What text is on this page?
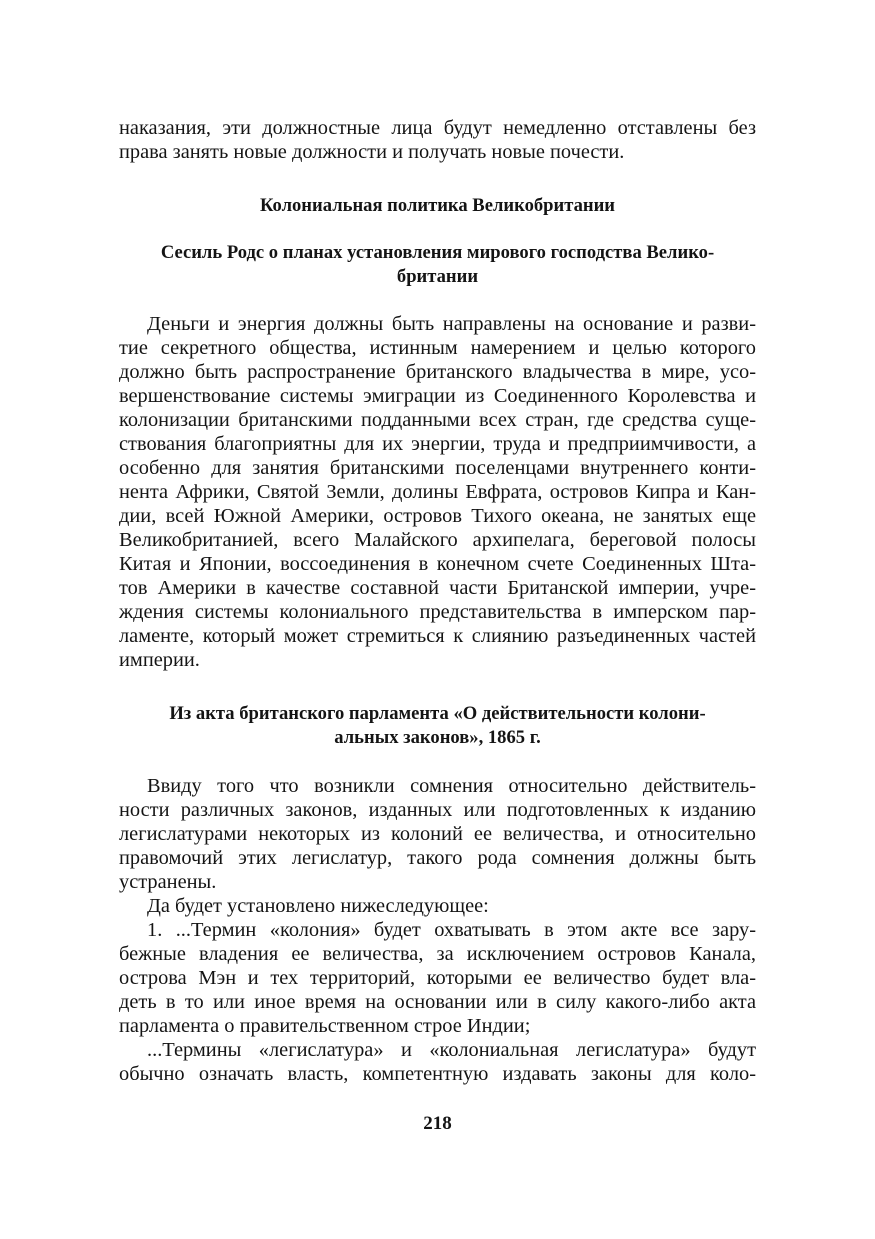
наказания, эти должностные лица будут немедленно отставлены без
права занять новые должности и получать новые почести.

Колониальная политика Великобритании
Сесиль Родс о планах установления мирового господства Велико-
британии

Деньги и энергия должны быть направлены на основание и разви-
тие секретного общества, истинным намерением и целью которого
должно быть распространение британского владычества в мире, усо-
вершенствование системы эмиграции из Соединенного Королевства и
колонизации британскими подданными всех стран, где средства суще-
ствования благоприятны для их энергии, труда и предприимчивости, а
особенно для занятия британскими поселенцами внутреннего конти-
нента Африки, Святой Земли, долины Евфрата, островов Кипра и Кан-
дии, всей Южной Америки, островов Тихого океана, не занятых еще
Великобританией, всего Малайского архипелага, береговой полосы
Китая и Японии, воссоединения в конечном счете Соединенных Шта-
тов Америки в качестве составной части Британской империи, учре-
ждения системы колониального представительства в имперском пар-
ламенте, который может стремиться к слиянию разъединенных частей
империи.

Из акта британского парламента «О действительности колони-
альных законов», 1865 г.

Ввиду того что возникли сомнения относительно действитель-
ности различных законов, изданных или подготовленных к изданию
легислатурами некоторых из колоний ее величества, и относительно
правомочий этих легислатур, такого рода сомнения должны быть
устранены.

Да будет установлено нижеследующее:

1. ...Термин «колония» будет охватывать в этом акте все зару-
бежные владения ее величества, за исключением островов Канала,
острова Мэн и тех территорий, которыми ее величество будет вла-
деть в то или иное время на основании или в силу какого-либо акта
парламента о правительственном строе Индии;

...Термины «легислатура» и «колониальная легислатура» будут
обычно означать власть, компетентную издавать законы для коло-

218
